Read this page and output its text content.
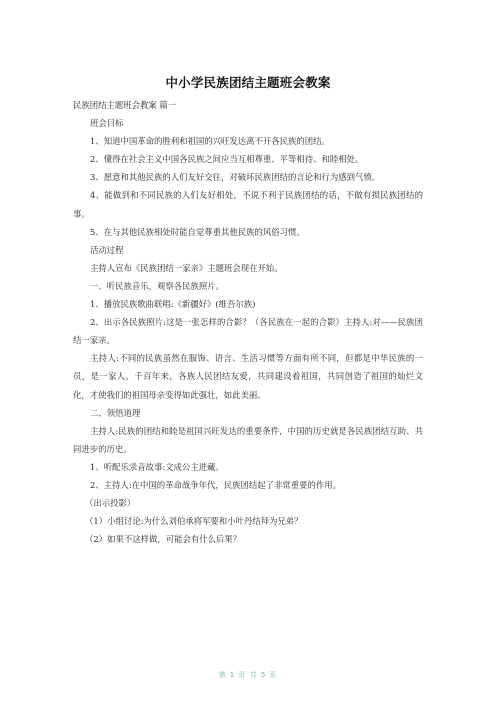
中小学民族团结主题班会教案

民族团结主题班会教案 篇一

班会目标

1、知道中国革命的胜利和祖国的兴旺发达离不开各民族的团结。

2、懂得在社会主义中国各民族之间应当互相尊重、平等相待、和睦相处。

3、愿意和其他民族的人们友好交往，对破坏民族团结的言论和行为感到气愤。

4、能做到和不同民族的人们友好相处，不说不利于民族团结的话，不做有损民族团结的事。

5、在与其他民族相处时能自觉尊重其他民族的风俗习惯。

活动过程

主持人宣布《民族团结一家亲》主题班会现在开始。

一、听民族音乐，观察各民族照片。

1、播放民族歌曲联唱:《新疆好》(维吾尔族)

2、出示各民族照片:这是一张怎样的合影？（各民族在一起的合影）主持人:对——民族团结一家亲。

主持人:不同的民族虽然在服饰、语言、生活习惯等方面有所不同，但都是中华民族的一员，是一家人。千百年来，各族人民团结友爱，共同建设着祖国，共同创造了祖国的灿烂文化，才使我们的祖国母亲变得如此强壮，如此美丽。

二、领悟道理

主持人:民族的团结和睦是祖国兴旺发达的重要条件，中国的历史就是各民族团结互助、共同进步的历史。

1、听配乐录音故事:文成公主进藏。

2、主持人:在中国的革命战争年代，民族团结起了非常重要的作用。

（出示投影）

（1）小组讨论:为什么刘伯承将军要和小叶丹结拜为兄弟？

（2）如果不这样做，可能会有什么后果？

第 1 页 共 5 页
